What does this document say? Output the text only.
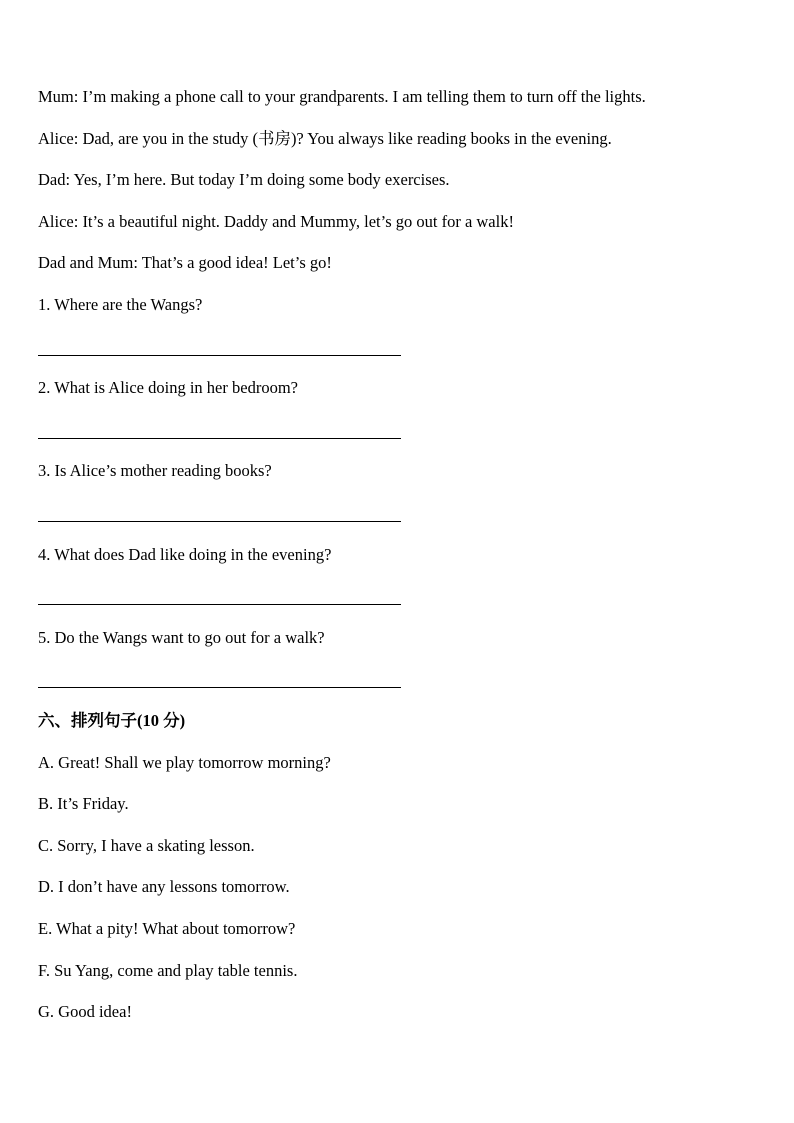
Mum: I’m making a phone call to your grandparents. I am telling them to turn off the lights.
Alice: Dad, are you in the study (书房)? You always like reading books in the evening.
Dad: Yes, I’m here. But today I’m doing some body exercises.
Alice: It’s a beautiful night. Daddy and Mummy, let’s go out for a walk!
Dad and Mum: That’s a good idea! Let’s go!
1. Where are the Wangs?
2. What is Alice doing in her bedroom?
3. Is Alice’s mother reading books?
4. What does Dad like doing in the evening?
5. Do the Wangs want to go out for a walk?
六、排列句子(10 分)
A. Great! Shall we play tomorrow morning?
B. It’s Friday.
C. Sorry, I have a skating lesson.
D. I don’t have any lessons tomorrow.
E. What a pity! What about tomorrow?
F. Su Yang, come and play table tennis.
G. Good idea!
